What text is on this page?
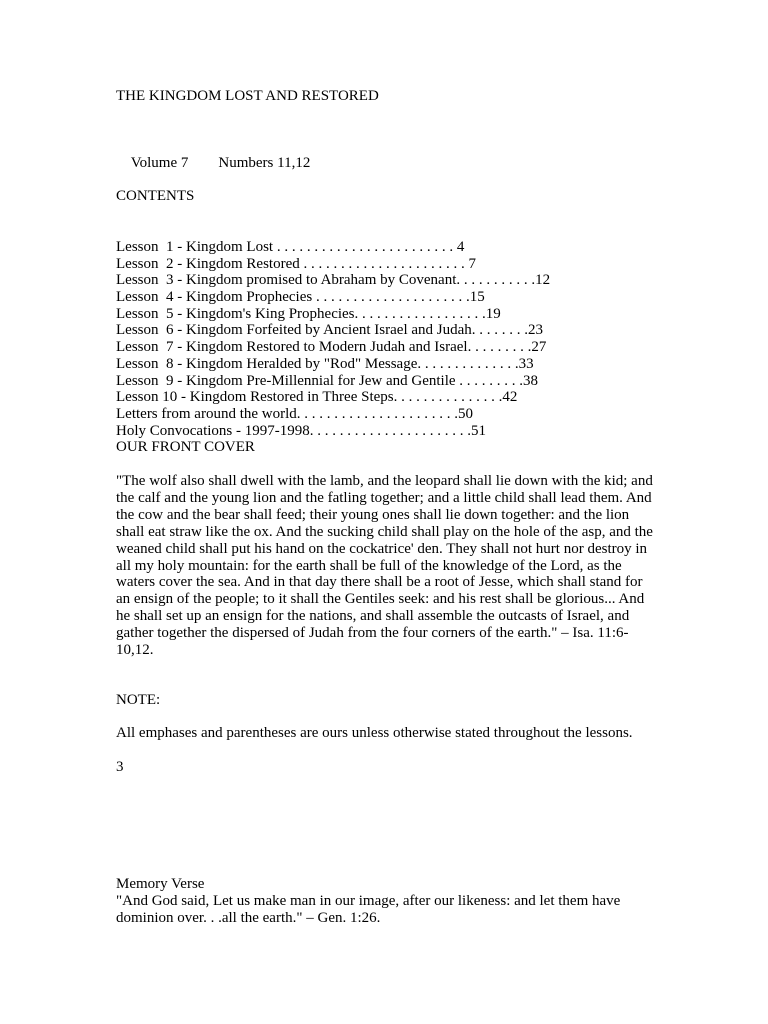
THE KINGDOM LOST AND RESTORED

Volume 7 Numbers 11,12

CONTENTS
Lesson  1 - Kingdom Lost . . . . . . . . . . . . . . . . . . . . . . . . 4
Lesson  2 - Kingdom Restored . . . . . . . . . . . . . . . . . . . . . . 7
Lesson  3 - Kingdom promised to Abraham by Covenant. . . . . . . . . . .12
Lesson  4 - Kingdom Prophecies . . . . . . . . . . . . . . . . . . . . .15
Lesson  5 - Kingdom's King Prophecies. . . . . . . . . . . . . . . . . .19
Lesson  6 - Kingdom Forfeited by Ancient Israel and Judah. . . . . . . .23
Lesson  7 - Kingdom Restored to Modern Judah and Israel. . . . . . . . .27
Lesson  8 - Kingdom Heralded by "Rod" Message. . . . . . . . . . . . . .33
Lesson  9 - Kingdom Pre-Millennial for Jew and Gentile . . . . . . . . .38
Lesson 10 - Kingdom Restored in Three Steps. . . . . . . . . . . . . . .42
Letters from around the world. . . . . . . . . . . . . . . . . . . . . .50
Holy Convocations - 1997-1998. . . . . . . . . . . . . . . . . . . . . .51
OUR FRONT COVER

"The wolf also shall dwell with the lamb, and the leopard shall lie down with the kid; and the calf and the young lion and the fatling together; and a little child shall lead them. And the cow and the bear shall feed; their young ones shall lie down together: and the lion shall eat straw like the ox. And the sucking child shall play on the hole of the asp, and the weaned child shall put his hand on the cockatrice' den. They shall not hurt nor destroy in all my holy mountain: for the earth shall be full of the knowledge of the Lord, as the waters cover the sea. And in that day there shall be a root of Jesse, which shall stand for an ensign of the people; to it shall the Gentiles seek: and his rest shall be glorious... And he shall set up an ensign for the nations, and shall assemble the outcasts of Israel, and gather together the dispersed of Judah from the four corners of the earth." – Isa. 11:6-10,12.

NOTE:
All emphases and parentheses are ours unless otherwise stated throughout the lessons.
3
Memory Verse

"And God said, Let us make man in our image, after our likeness: and let them have dominion over. . .all the earth." – Gen. 1:26.
